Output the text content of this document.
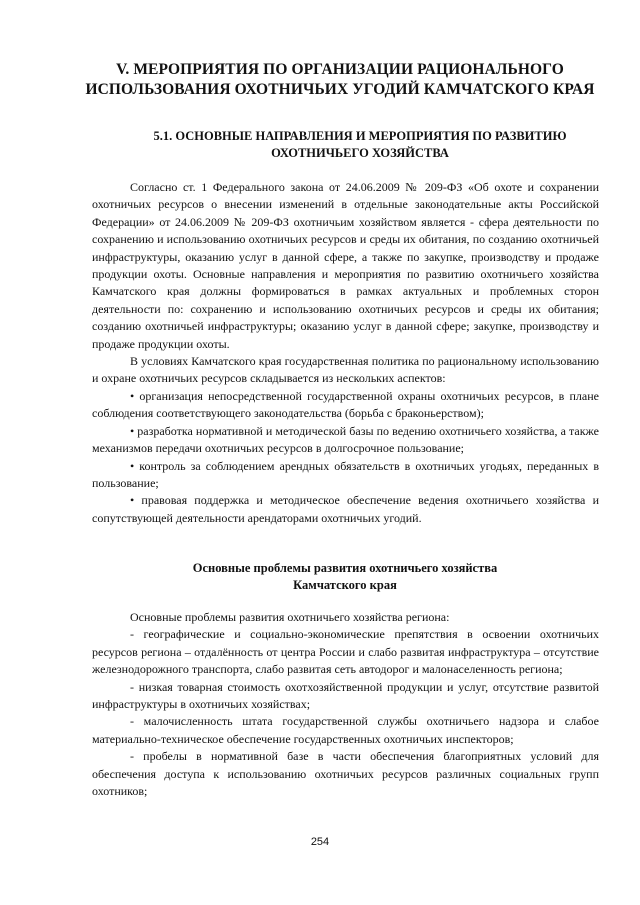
V. МЕРОПРИЯТИЯ ПО ОРГАНИЗАЦИИ РАЦИОНАЛЬНОГО
ИСПОЛЬЗОВАНИЯ ОХОТНИЧЬИХ УГОДИЙ КАМЧАТСКОГО КРАЯ
5.1. ОСНОВНЫЕ НАПРАВЛЕНИЯ И МЕРОПРИЯТИЯ ПО РАЗВИТИЮ
ОХОТНИЧЬЕГО ХОЗЯЙСТВА

Согласно ст. 1 Федерального закона от 24.06.2009 № 209-ФЗ «Об охоте и сохранении охотничьих ресурсов о внесении изменений в отдельные законодательные акты Российской Федерации» от 24.06.2009 № 209-ФЗ охотничьим хозяйством является - сфера деятельности по сохранению и использованию охотничьих ресурсов и среды их обитания, по созданию охотничьей инфраструктуры, оказанию услуг в данной сфере, а также по закупке, производству и продаже продукции охоты. Основные направления и мероприятия по развитию охотничьего хозяйства Камчатского края должны формироваться в рамках актуальных и проблемных сторон деятельности по: сохранению и использованию охотничьих ресурсов и среды их обитания; созданию охотничьей инфраструктуры; оказанию услуг в данной сфере; закупке, производству и продаже продукции охоты.

В условиях Камчатского края государственная политика по рациональному использованию и охране охотничьих ресурсов складывается из нескольких аспектов:

• организация непосредственной государственной охраны охотничьих ресурсов, в плане соблюдения соответствующего законодательства (борьба с браконьерством);

• разработка нормативной и методической базы по ведению охотничьего хозяйства, а также механизмов передачи охотничьих ресурсов в долгосрочное пользование;

• контроль за соблюдением арендных обязательств в охотничьих угодьях, переданных в пользование;

• правовая поддержка и методическое обеспечение ведения охотничьего хозяйства и сопутствующей деятельности арендаторами охотничьих угодий.

Основные проблемы развития охотничьего хозяйства
Камчатского края

Основные проблемы развития охотничьего хозяйства региона:

- географические и социально-экономические препятствия в освоении охотничьих ресурсов региона – отдалённость от центра России и слабо развитая инфраструктура – отсутствие железнодорожного транспорта, слабо развитая сеть автодорог и малонаселенность региона;

- низкая товарная стоимость охотхозяйственной продукции и услуг, отсутствие развитой инфраструктуры в охотничьих хозяйствах;

- малочисленность штата государственной службы охотничьего надзора и слабое материально-техническое обеспечение государственных охотничьих инспекторов;

- пробелы в нормативной базе в части обеспечения благоприятных условий для обеспечения доступа к использованию охотничьих ресурсов различных социальных групп охотников;

254
